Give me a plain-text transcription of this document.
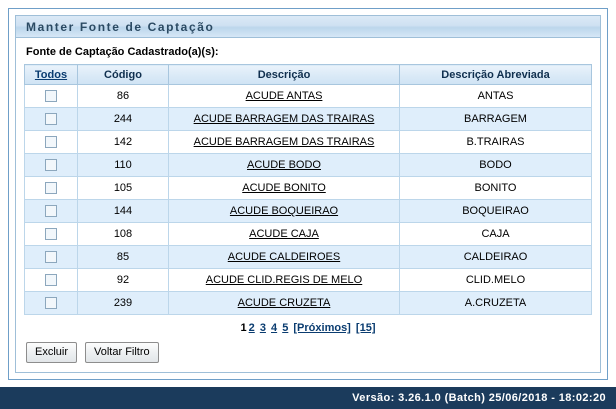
Manter Fonte de Captação
Fonte de Captação Cadastrado(a)(s):
Todos	Código	Descrição	Descrição Abreviada
	86	ACUDE ANTAS	ANTAS
	244	ACUDE BARRAGEM DAS TRAIRAS	BARRAGEM
	142	ACUDE BARRAGEM DAS TRAIRAS	B.TRAIRAS
	110	ACUDE BODO	BODO
	105	ACUDE BONITO	BONITO
	144	ACUDE BOQUEIRAO	BOQUEIRAO
	108	ACUDE CAJA	CAJA
	85	ACUDE CALDEIROES	CALDEIRAO
	92	ACUDE CLID.REGIS DE MELO	CLID.MELO
	239	ACUDE CRUZETA	A.CRUZETA
1 2 3 4 5 [Próximos] [15]
Excluir	Voltar Filtro
Versão: 3.26.1.0 (Batch) 25/06/2018 - 18:02:20
